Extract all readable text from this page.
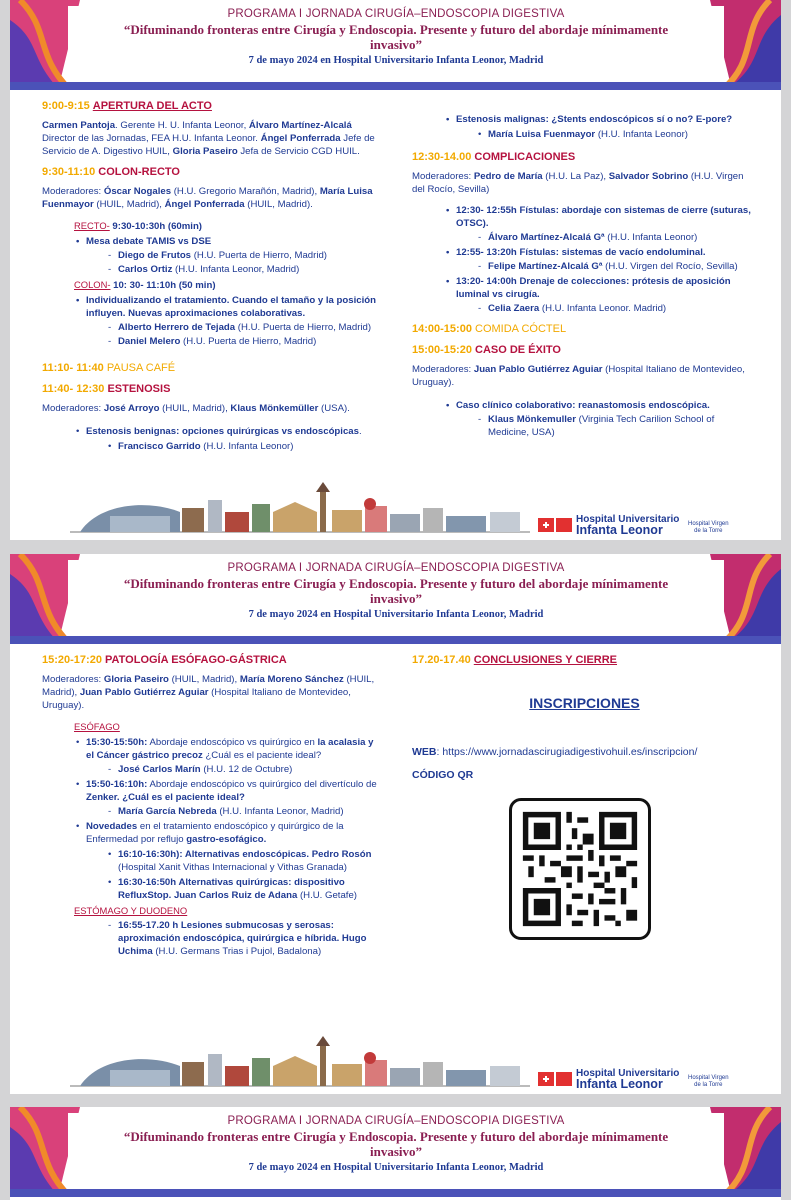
PROGRAMA I JORNADA CIRUGÍA–ENDOSCOPIA DIGESTIVA
“Difuminando fronteras entre Cirugía y Endoscopia. Presente y futuro del abordaje mínimamente
invasivo”
7 de mayo 2024 en Hospital Universitario Infanta Leonor, Madrid

9:00-9:15 APERTURA DEL ACTO

Carmen Pantoja. Gerente H. U. Infanta Leonor, Álvaro Martínez-Alcalá
Director de las Jornadas, FEA H.U. Infanta Leonor. Ángel Ponferrada Jefe de Servicio de A. Digestivo HUIL, Gloria Paseiro Jefa de Servicio CGD HUIL.

9:30-11:10 COLON-RECTO

Moderadores: Óscar Nogales (H.U. Gregorio Marañón, Madrid), María Luisa Fuenmayor (HUIL, Madrid), Ángel Ponferrada (HUIL, Madrid).

RECTO- 9:30-10:30h (60min)

• Mesa debate TAMIS vs DSE

- Diego de Frutos (H.U. Puerta de Hierro, Madrid)

- Carlos Ortiz (H.U. Infanta Leonor, Madrid)

COLON- 10: 30- 11:10h (50 min)

• Individualizando el tratamiento. Cuando el tamaño y la posición influyen. Nuevas aproximaciones colaborativas.

- Alberto Herrero de Tejada (H.U. Puerta de Hierro, Madrid)

- Daniel Melero (H.U. Puerta de Hierro, Madrid)

11:10- 11:40 PAUSA CAFÉ

11:40- 12:30 ESTENOSIS

Moderadores: José Arroyo (HUIL, Madrid), Klaus Mönkemüller (USA).

• Estenosis benignas: opciones quirúrgicas vs endoscópicas.

• Francisco Garrido (H.U. Infanta Leonor)

• Estenosis malignas: ¿Stents endoscópicos sí o no? E-pore?

• María Luisa Fuenmayor (H.U. Infanta Leonor)

12:30-14.00 COMPLICACIONES

Moderadores: Pedro de María (H.U. La Paz), Salvador Sobrino (H.U. Virgen del Rocío, Sevilla)

• 12:30- 12:55h Fístulas: abordaje con sistemas de cierre (suturas, OTSC).

- Álvaro Martínez-Alcalá Gª (H.U. Infanta Leonor)

• 12:55- 13:20h Fístulas: sistemas de vacío endoluminal.

- Felipe Martínez-Alcalá Gª (H.U. Virgen del Rocío, Sevilla)

• 13:20- 14:00h Drenaje de colecciones: prótesis de aposición luminal vs cirugía.

- Celia Zaera (H.U. Infanta Leonor. Madrid)

14:00-15:00 COMIDA CÓCTEL

15:00-15:20 CASO DE ÉXITO

Moderadores: Juan Pablo Gutiérrez Aguiar (Hospital Italiano de Montevideo, Uruguay).

• Caso clínico colaborativo: reanastomosis endoscópica.

- Klaus Mönkemuller (Virginia Tech Carilion School of Medicine, USA)

Hospital Universitario
Infanta Leonor	Hospital Virgen
de la Torre
PROGRAMA I JORNADA CIRUGÍA–ENDOSCOPIA DIGESTIVA
“Difuminando fronteras entre Cirugía y Endoscopia. Presente y futuro del abordaje mínimamente
invasivo”
7 de mayo 2024 en Hospital Universitario Infanta Leonor, Madrid

15:20-17:20 PATOLOGÍA ESÓFAGO-GÁSTRICA

Moderadores: Gloria Paseiro (HUIL, Madrid), María Moreno Sánchez (HUIL, Madrid), Juan Pablo Gutiérrez Aguiar (Hospital Italiano de Montevideo, Uruguay).

ESÓFAGO

• 15:30-15:50h: Abordaje endoscópico vs quirúrgico en la acalasia y el Cáncer gástrico precoz ¿Cuál es el paciente ideal?

- José Carlos Marín (H.U. 12 de Octubre)

• 15:50-16:10h: Abordaje endoscópico vs quirúrgico del divertículo de Zenker. ¿Cuál es el paciente ideal?

- María García Nebreda (H.U. Infanta Leonor, Madrid)

• Novedades en el tratamiento endoscópico y quirúrgico de la Enfermedad por reflujo gastro-esofágico.

• 16:10-16:30h): Alternativas endoscópicas. Pedro Rosón (Hospital Xanit Vithas Internacional y Vithas Granada)

• 16:30-16:50h Alternativas quirúrgicas: dispositivo RefluxStop. Juan Carlos Ruiz de Adana (H.U. Getafe)

ESTÓMAGO Y DUODENO

- 16:55-17.20 h Lesiones submucosas y serosas: aproximación endoscópica, quirúrgica e híbrida. Hugo Uchima (H.U. Germans Trias i Pujol, Badalona)

17.20-17.40 CONCLUSIONES Y CIERRE

INSCRIPCIONES

WEB: https://www.jornadascirugiadigestivohuil.es/inscripcion/

CÓDIGO QR

Hospital Universitario
Infanta Leonor	Hospital Virgen
de la Torre
PROGRAMA I JORNADA CIRUGÍA–ENDOSCOPIA DIGESTIVA
“Difuminando fronteras entre Cirugía y Endoscopia. Presente y futuro del abordaje mínimamente
invasivo”
7 de mayo 2024 en Hospital Universitario Infanta Leonor, Madrid
